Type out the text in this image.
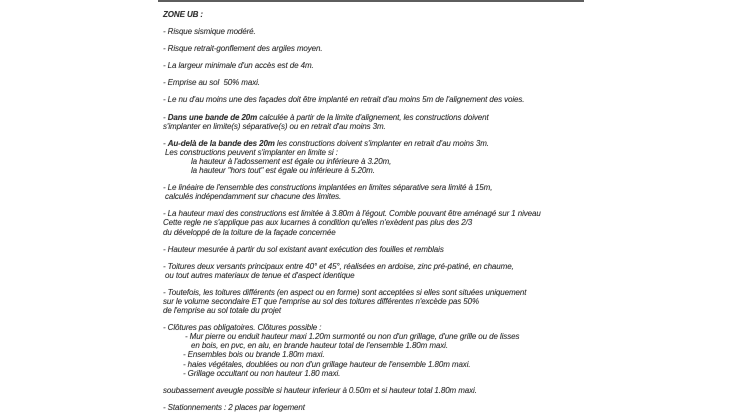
ZONE UB :
- Risque sismique modéré.
- Risque retrait-gonflement des argiles moyen.
- La largeur minimale d'un accès est de 4m.
- Emprise au sol  50% maxi.
- Le nu d'au moins une des façades doit être implanté en retrait d'au moins 5m de l'alignement des voies.
- Dans une bande de 20m calculée à partir de la limite d'alignement, les constructions doivent
s'implanter en limite(s) séparative(s) ou en retrait d'au moins 3m.
- Au-delà de la bande des 20m les constructions doivent s'implanter en retrait d'au moins 3m.
Les constructions peuvent s'implanter en limite si :
la hauteur à l'adossement est égale ou inférieure à 3.20m,
la hauteur "hors tout" est égale ou inférieure à 5.20m.
- Le linéaire de l'ensemble des constructions implantées en limites séparative sera limité à 15m,
calculés indépendamment sur chacune des limites.
- La hauteur maxi des constructions est limitée à 3.80m à l'égout. Comble pouvant être aménagé sur 1 niveau
Cette regle ne s'applique pas aux lucarnes à condition qu'elles n'exèdent pas plus des 2/3
du développé de la toiture de la façade concernée
- Hauteur mesurée à partir du sol existant avant exécution des fouilles et remblais
- Toitures deux versants principaux entre 40° et 45°, réalisées en ardoise, zinc pré-patiné, en chaume,
ou tout autres materiaux de tenue et d'aspect identique
- Toutefois, les toitures différents (en aspect ou en forme) sont acceptées si elles sont situées uniquement
sur le volume secondaire ET que l'emprise au sol des toitures différentes n'excède pas 50%
de l'emprise au sol totale du projet
- Clôtures pas obligatoires. Clôtures possible :
- Mur pierre ou enduit hauteur maxi 1.20m surmonté ou non d'un grillage, d'une grille ou de lisses
en bois, en pvc, en alu, en brande hauteur total de l'ensemble 1.80m maxi.
- Ensembles bois ou brande 1.80m maxi.
- haies végétales, doublées ou non d'un grillage hauteur de l'ensemble 1.80m maxi.
- Grillage occultant ou non hauteur 1.80 maxi.
soubassement aveugle possible si hauteur inferieur à 0.50m et si hauteur total 1.80m maxi.
- Stationnements : 2 places par logement
